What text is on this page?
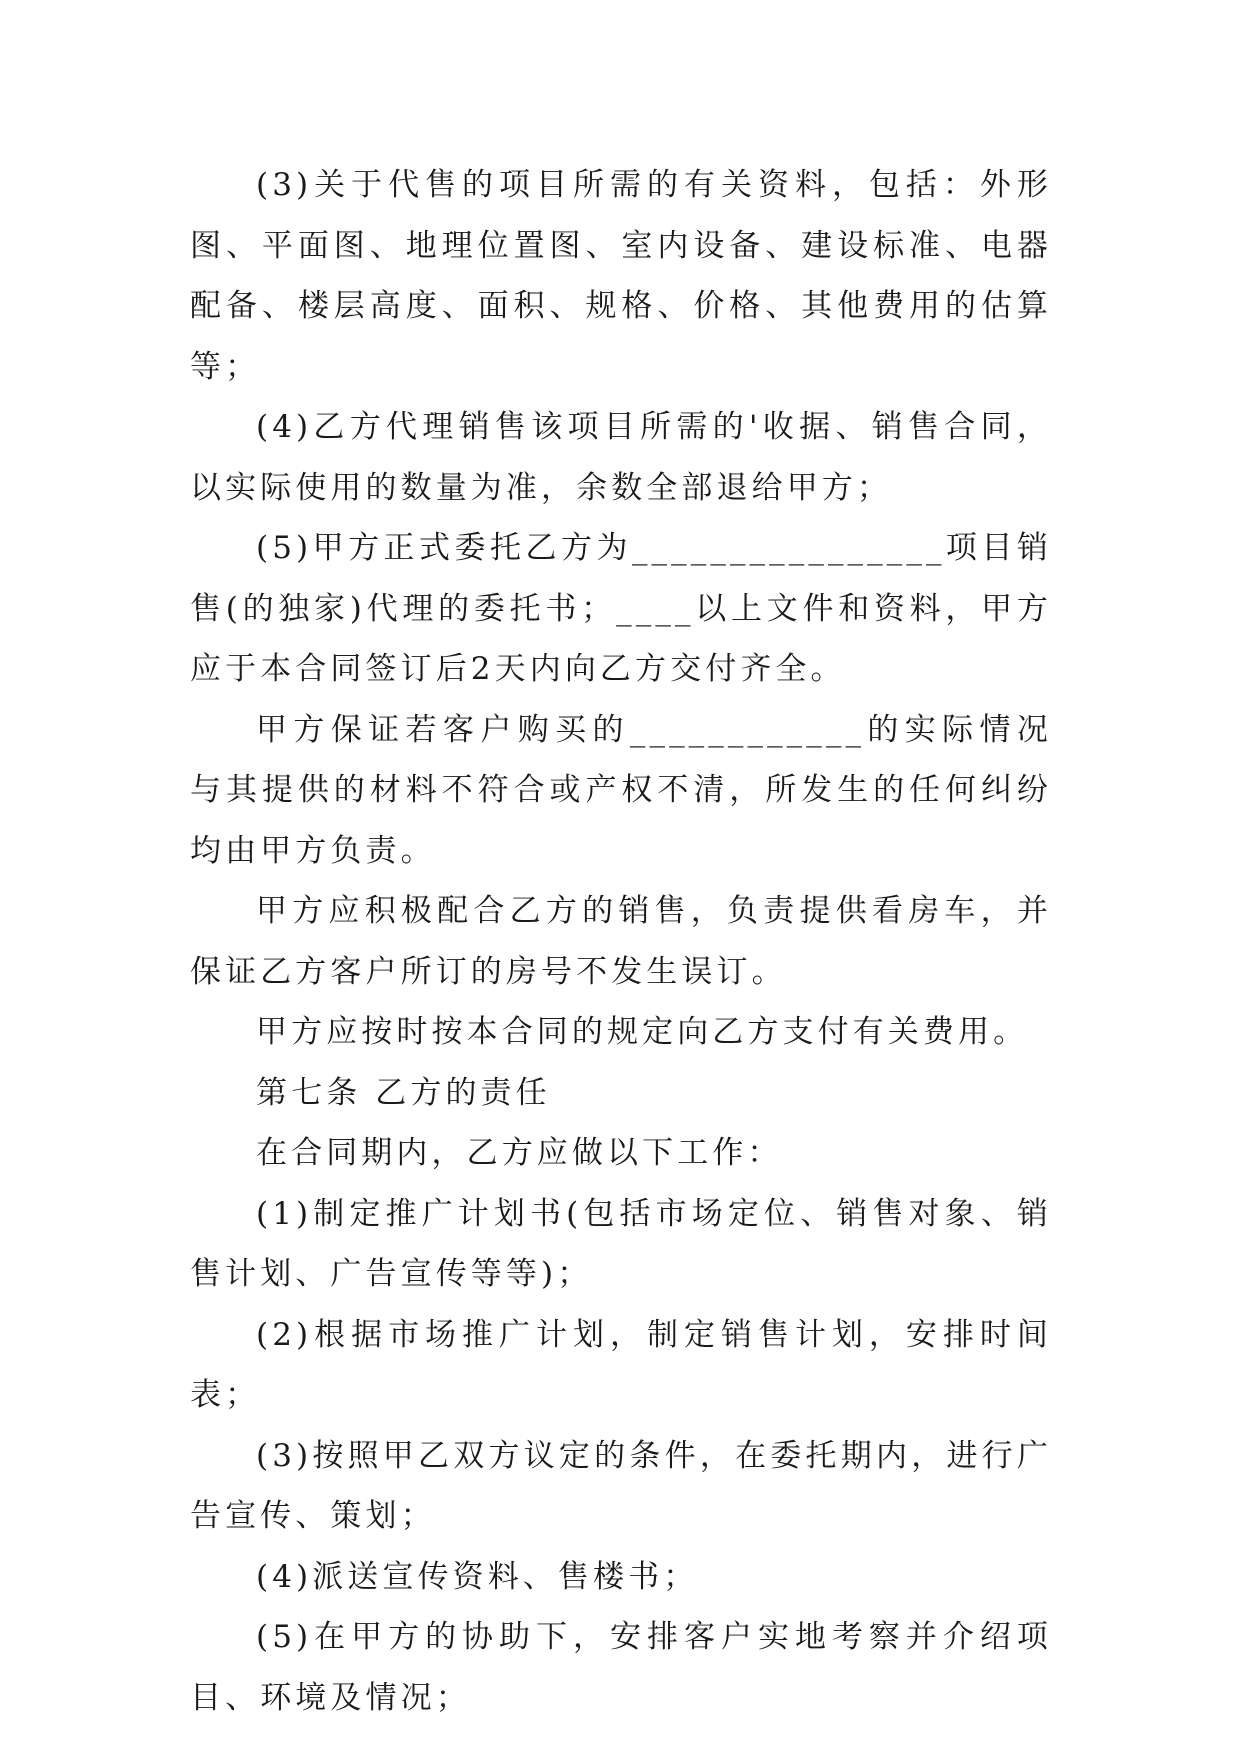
(3)关于代售的项目所需的有关资料，包括：外形图、平面图、地理位置图、室内设备、建设标准、电器配备、楼层高度、面积、规格、价格、其他费用的估算等；

(4)乙方代理销售该项目所需的'收据、销售合同，以实际使用的数量为准，余数全部退给甲方；

(5)甲方正式委托乙方为________________项目销售(的独家)代理的委托书；____以上文件和资料，甲方应于本合同签订后2天内向乙方交付齐全。

甲方保证若客户购买的____________的实际情况与其提供的材料不符合或产权不清，所发生的任何纠纷均由甲方负责。

甲方应积极配合乙方的销售，负责提供看房车，并保证乙方客户所订的房号不发生误订。

甲方应按时按本合同的规定向乙方支付有关费用。

第七条 乙方的责任

在合同期内，乙方应做以下工作：

(1)制定推广计划书(包括市场定位、销售对象、销售计划、广告宣传等等)；

(2)根据市场推广计划，制定销售计划，安排时间表；

(3)按照甲乙双方议定的条件，在委托期内，进行广告宣传、策划；

(4)派送宣传资料、售楼书；

(5)在甲方的协助下，安排客户实地考察并介绍项目、环境及情况；
